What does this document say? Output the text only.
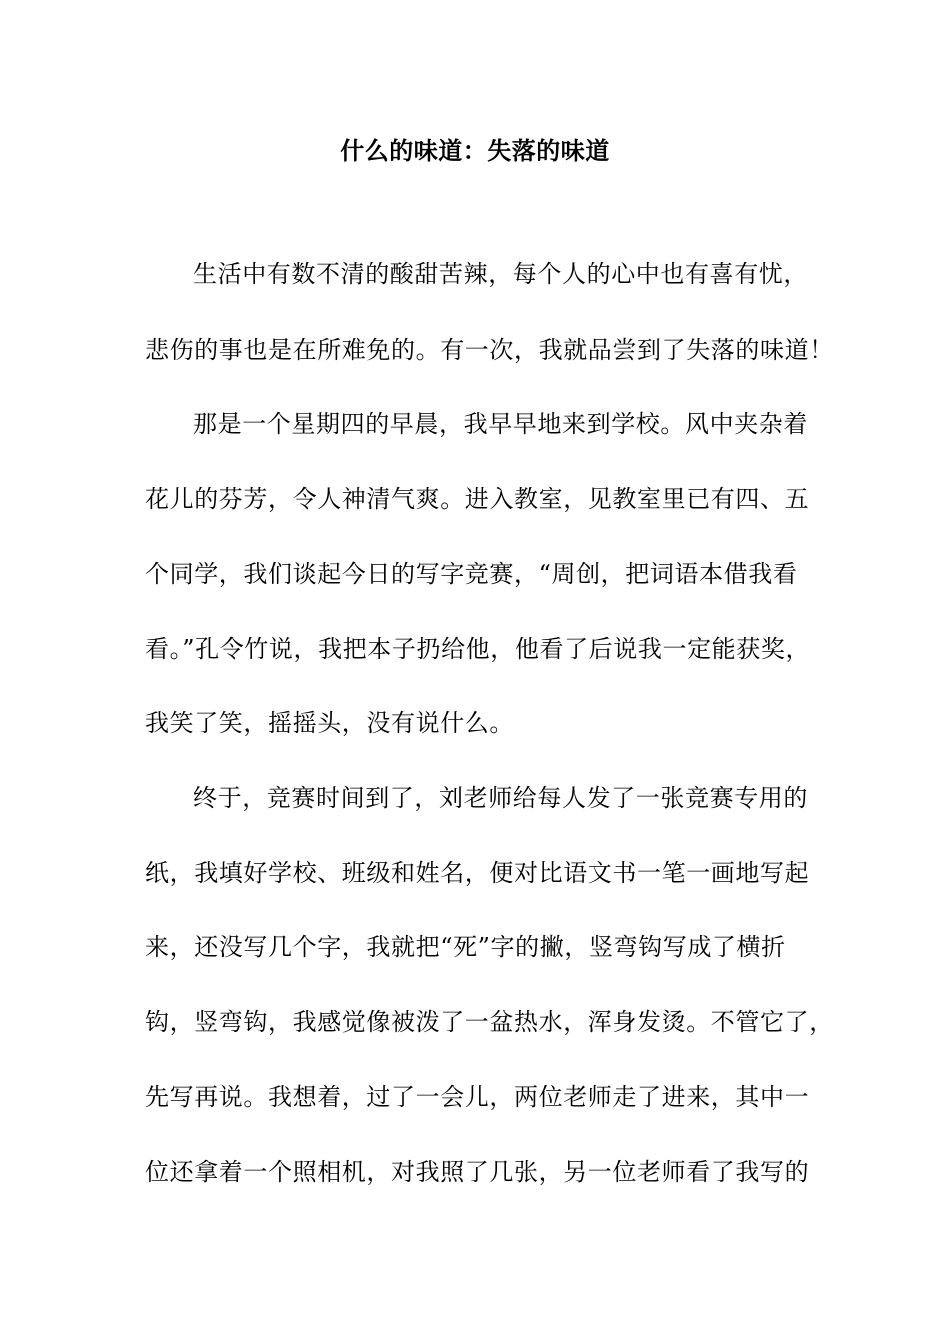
什么的味道：失落的味道
生活中有数不清的酸甜苦辣，每个人的心中也有喜有忧，
悲伤的事也是在所难免的。有一次，我就品尝到了失落的味道！
那是一个星期四的早晨，我早早地来到学校。风中夹杂着
花儿的芬芳，令人神清气爽。进入教室，见教室里已有四、五
个同学，我们谈起今日的写字竞赛，“周创，把词语本借我看
看。”孔令竹说，我把本子扔给他，他看了后说我一定能获奖，
我笑了笑，摇摇头，没有说什么。
终于，竞赛时间到了，刘老师给每人发了一张竞赛专用的
纸，我填好学校、班级和姓名，便对比语文书一笔一画地写起
来，还没写几个字，我就把“死”字的撇，竖弯钩写成了横折
钩，竖弯钩，我感觉像被泼了一盆热水，浑身发烫。不管它了，
先写再说。我想着，过了一会儿，两位老师走了进来，其中一
位还拿着一个照相机，对我照了几张，另一位老师看了我写的
